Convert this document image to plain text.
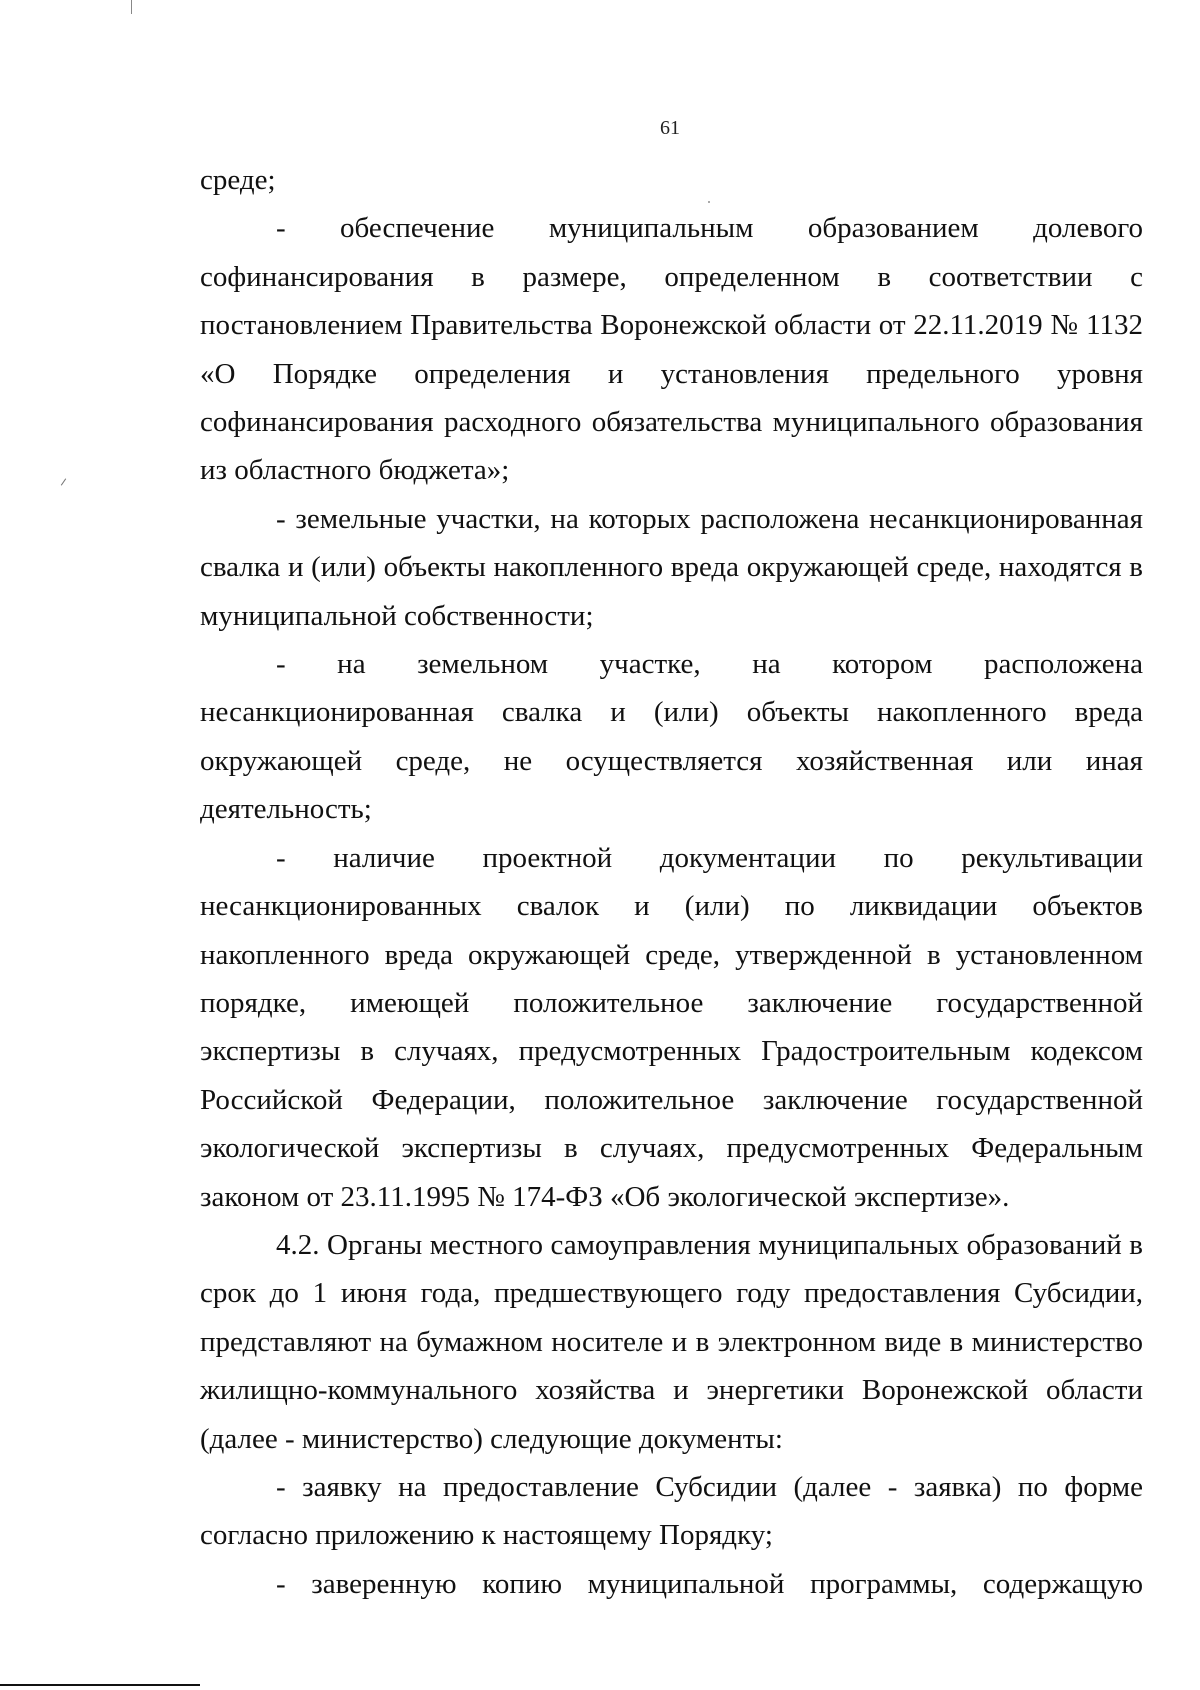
61

среде;

- обеспечение муниципальным образованием долевого софинансирования в размере, определенном в соответствии с постановлением Правительства Воронежской области от 22.11.2019 № 1132 «О Порядке определения и установления предельного уровня софинансирования расходного обязательства муниципального образования из областного бюджета»;

- земельные участки, на которых расположена несанкционированная свалка и (или) объекты накопленного вреда окружающей среде, находятся в муниципальной собственности;

- на земельном участке, на котором расположена несанкционированная свалка и (или) объекты накопленного вреда окружающей среде, не осуществляется хозяйственная или иная деятельность;

- наличие проектной документации по рекультивации несанкционированных свалок и (или) по ликвидации объектов накопленного вреда окружающей среде, утвержденной в установленном порядке, имеющей положительное заключение государственной экспертизы в случаях, предусмотренных Градостроительным кодексом Российской Федерации, положительное заключение государственной экологической экспертизы в случаях, предусмотренных Федеральным законом от 23.11.1995 № 174-ФЗ «Об экологической экспертизе».

4.2. Органы местного самоуправления муниципальных образований в срок до 1 июня года, предшествующего году предоставления Субсидии, представляют на бумажном носителе и в электронном виде в министерство жилищно-коммунального хозяйства и энергетики Воронежской области (далее - министерство) следующие документы:

- заявку на предоставление Субсидии (далее - заявка) по форме согласно приложению к настоящему Порядку;

- заверенную копию муниципальной программы, содержащую
